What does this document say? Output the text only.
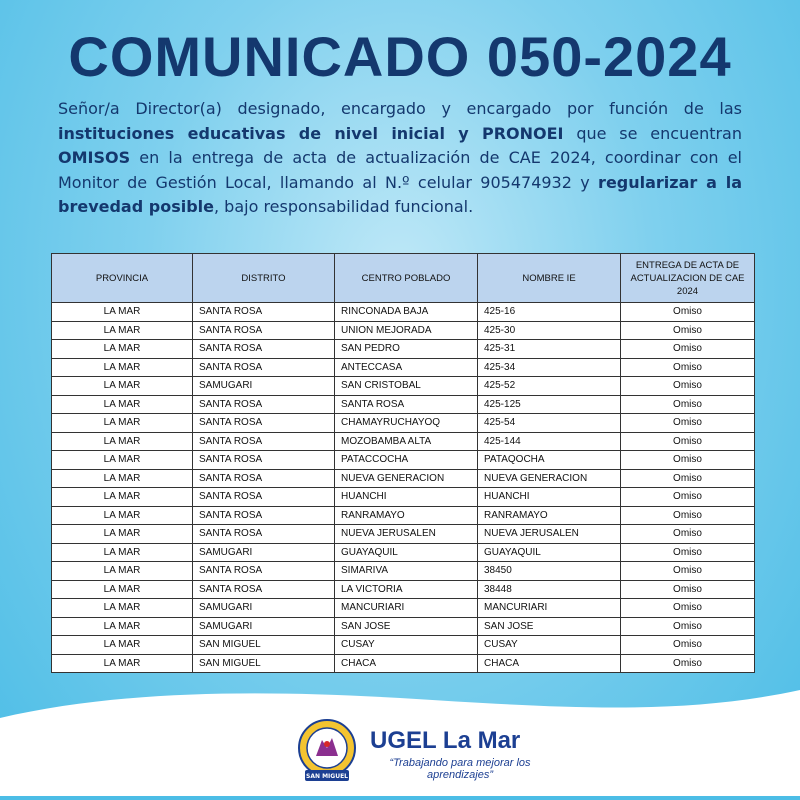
COMUNICADO 050-2024
Señor/a Director(a) designado, encargado y encargado por función de las instituciones educativas de nivel inicial y PRONOEI que se encuentran OMISOS en la entrega de acta de actualización de CAE 2024, coordinar con el Monitor de Gestión Local, llamando al N.º celular 905474932 y regularizar a la brevedad posible, bajo responsabilidad funcional.
PROVINCIA	DISTRITO	CENTRO POBLADO	NOMBRE IE	ENTREGA DE ACTA DE ACTUALIZACION DE CAE 2024
LA MAR	SANTA ROSA	RINCONADA BAJA	425-16	Omiso
LA MAR	SANTA ROSA	UNION MEJORADA	425-30	Omiso
LA MAR	SANTA ROSA	SAN PEDRO	425-31	Omiso
LA MAR	SANTA ROSA	ANTECCASA	425-34	Omiso
LA MAR	SAMUGARI	SAN CRISTOBAL	425-52	Omiso
LA MAR	SANTA ROSA	SANTA ROSA	425-125	Omiso
LA MAR	SANTA ROSA	CHAMAYRUCHAYOQ	425-54	Omiso
LA MAR	SANTA ROSA	MOZOBAMBA ALTA	425-144	Omiso
LA MAR	SANTA ROSA	PATACCOCHA	PATAQOCHA	Omiso
LA MAR	SANTA ROSA	NUEVA GENERACION	NUEVA GENERACION	Omiso
LA MAR	SANTA ROSA	HUANCHI	HUANCHI	Omiso
LA MAR	SANTA ROSA	RANRAMAYO	RANRAMAYO	Omiso
LA MAR	SANTA ROSA	NUEVA JERUSALEN	NUEVA JERUSALEN	Omiso
LA MAR	SAMUGARI	GUAYAQUIL	GUAYAQUIL	Omiso
LA MAR	SANTA ROSA	SIMARIVA	38450	Omiso
LA MAR	SANTA ROSA	LA VICTORIA	38448	Omiso
LA MAR	SAMUGARI	MANCURIARI	MANCURIARI	Omiso
LA MAR	SAMUGARI	SAN JOSE	SAN JOSE	Omiso
LA MAR	SAN MIGUEL	CUSAY	CUSAY	Omiso
LA MAR	SAN MIGUEL	CHACA	CHACA	Omiso
SAN MIGUEL
UGEL La Mar
“Trabajando para mejorar los aprendizajes”
